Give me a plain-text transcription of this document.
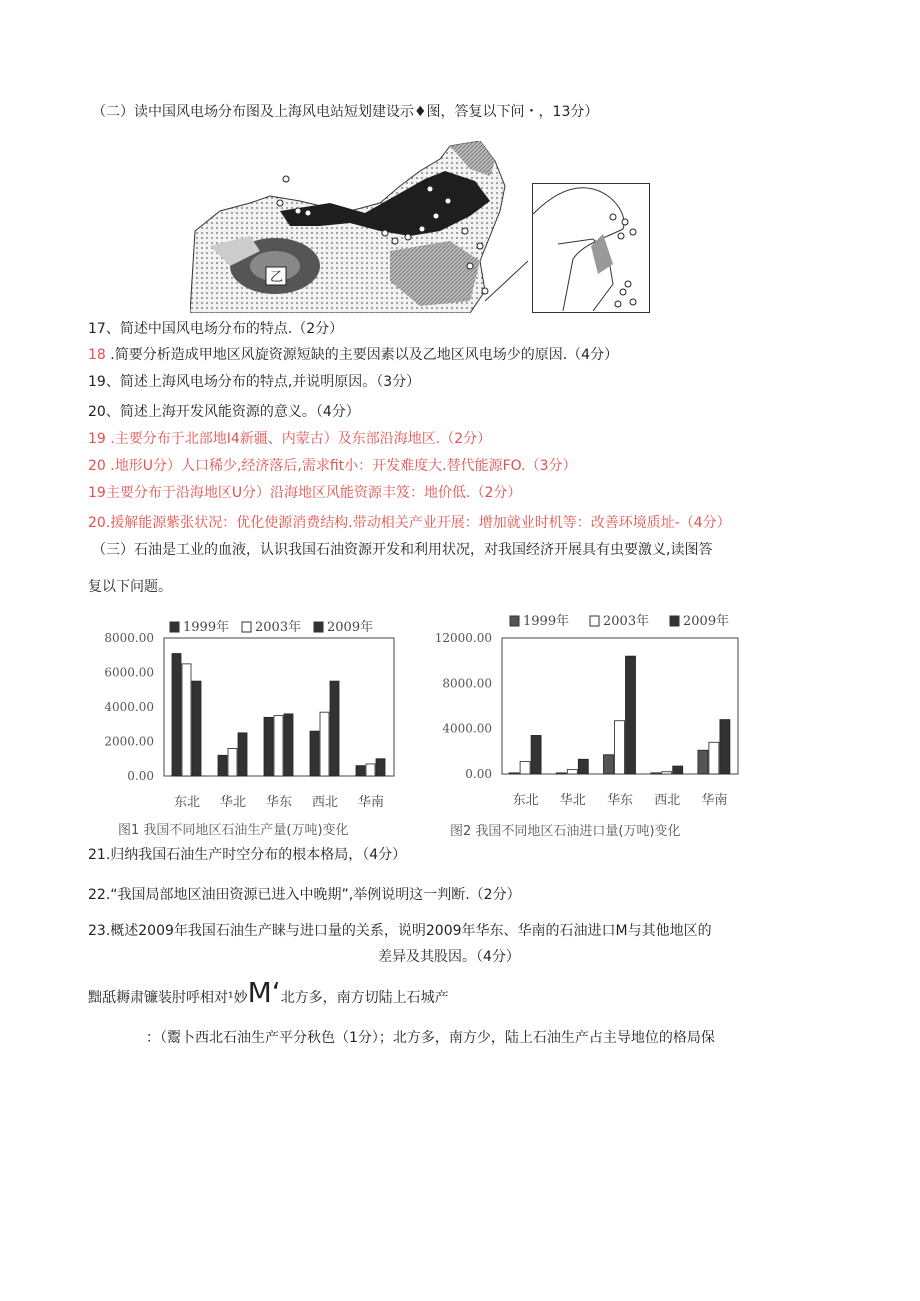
（二）读中国风电场分布图及上海风电站短划建设示♦图，答复以下问・，13分）
乙
17、简述中国风电场分布的特点.（2分）
18 .简要分析造成甲地区风旋资源短缺的主要因素以及乙地区风电场少的原因.（4分）
19、简述上海风电场分布的特点,并说明原因。（3分）
20、简述上海开发风能资源的意义。（4分）
19 .主要分布于北部地I4新疆、内蒙古）及东部沿海地区.（2分）
20 .地形U分）人口稀少,经济落后,需求fit小：开发难度大.替代能源FO.（3分）
19主要分布于沿海地区U分）沿海地区风能资源丰笈：地价低.（2分）
20.援解能源紫张状况：优化使源消费结构.带动相关产业开展：增加就业时机等：改善环境质址-（4分）
（三）石油是工业的血液，认识我国石油资源开发和利用状况，对我国经济开展具有虫要激义,读图答
复以下问题。
8000.00
6000.00
4000.00
2000.00
0.00
1999年 2003年 2009年
东北 华北 华东 西北 华南
图1 我国不同地区石油生产量(万吨)变化
12000.00
8000.00
4000.00
0.00
1999年	2003年	2009年
东北 华北 华东 西北 华南
图2 我国不同地区石油进口量(万吨)变化
21.归纳我国石油生产时空分布的根本格局，（4分）
22.“我国局部地区油田资源已进入中晚期”,举例说明这一判断.（2分）
23.概述2009年我国石油生产睐与进口量的关系，说明2009年华东、华南的石油进口M与其他地区的
差异及其股因。（4分）
黜舐耨肃镰装肘呼相对¹妙M‘北方多，南方切陆上石城产
：（鬻卜西北石油生产平分秋色（1分）；北方多，南方少，陆上石油生产占主导地位的格局保
